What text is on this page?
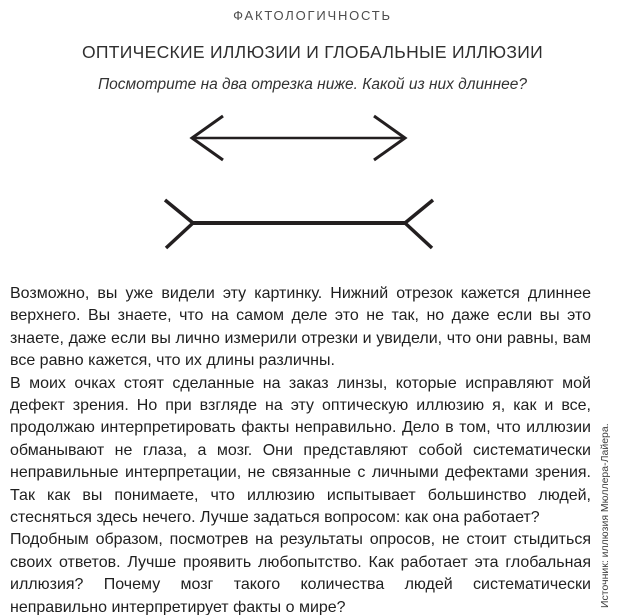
ФАКТОЛОГИЧНОСТЬ
ОПТИЧЕСКИЕ ИЛЛЮЗИИ И ГЛОБАЛЬНЫЕ ИЛЛЮЗИИ
Посмотрите на два отрезка ниже. Какой из них длиннее?

Возможно, вы уже видели эту картинку. Нижний отрезок кажется длиннее верхнего. Вы знаете, что на самом деле это не так, но даже если вы это знаете, даже если вы лично измерили отрезки и увидели, что они равны, вам все равно кажется, что их длины различны.

В моих очках стоят сделанные на заказ линзы, которые исправляют мой дефект зрения. Но при взгляде на эту оптическую иллюзию я, как и все, продолжаю интерпретировать факты неправильно. Дело в том, что иллюзии обманывают не глаза, а мозг. Они представляют собой систематически неправильные интерпретации, не связанные с личными дефектами зрения. Так как вы понимаете, что иллюзию испытывает большинство людей, стесняться здесь нечего. Лучше задаться вопросом: как она работает?

Подобным образом, посмотрев на результаты опросов, не стоит стыдиться своих ответов. Лучше проявить любопытство. Как работает эта глобальная иллюзия? Почему мозг такого количества людей систематически неправильно интерпретирует факты о мире?	Источник: иллюзия Мюллера-Лайера.
